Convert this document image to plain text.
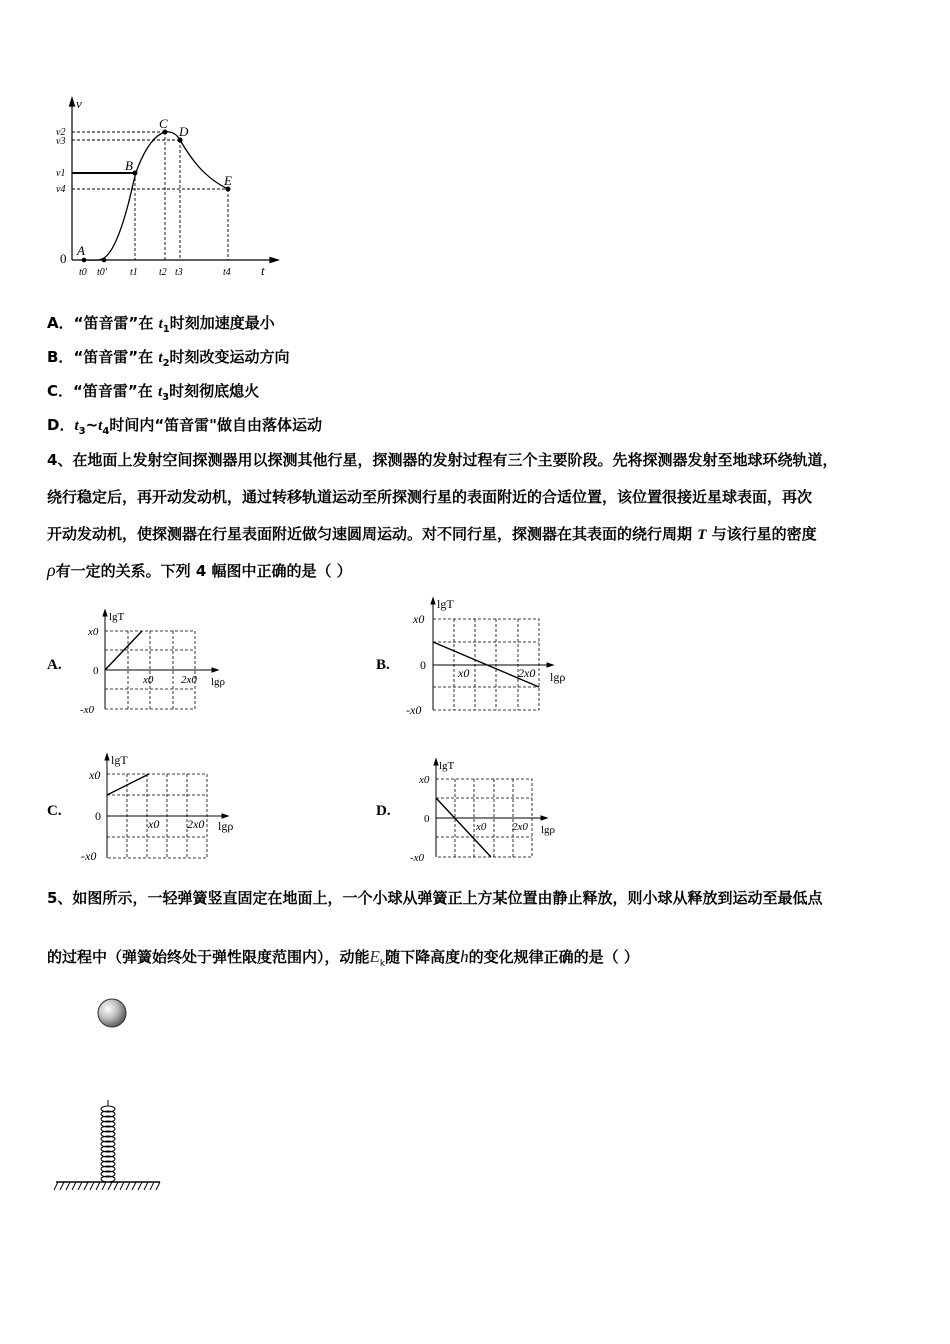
v
t
A
B
C
D
E
v2
v3
v1
v4
t0 t0' t1 t2 t3	t4
0
A．“笛音雷”在 $t_1$时刻加速度最小
B．“笛音雷”在 $t_2$时刻改变运动方向
C．“笛音雷”在 $t_3$时刻彻底熄火
D．$t_3\sim t_4$时间内“笛音雷"做自由落体运动
4、在地面上发射空间探测器用以探测其他行星，探测器的发射过程有三个主要阶段。先将探测器发射至地球环绕轨道，
绕行稳定后，再开动发动机，通过转移轨道运动至所探测行星的表面附近的合适位置，该位置很接近星球表面，再次
开动发动机，使探测器在行星表面附近做匀速圆周运动。对不同行星，探测器在其表面的绕行周期 T 与该行星的密度
ρ有一定的关系。下列 4 幅图中正确的是（ ）
A.	B.
C.	D.
lgT
lgρ
x0
0
-x0
x0	2x0
lgT
lgρ
x0
0
-x0
x0	2x0
lgT
lgρ
x0
0
-x0
x0 2x0
lgT
lgρ
x0
0
-x0
x0 2x0
5、如图所示，一轻弹簧竖直固定在地面上，一个小球从弹簧正上方某位置由静止释放，则小球从释放到运动至最低点
的过程中（弹簧始终处于弹性限度范围内），动能$E_k$随下降高度h的变化规律正确的是（ ）
